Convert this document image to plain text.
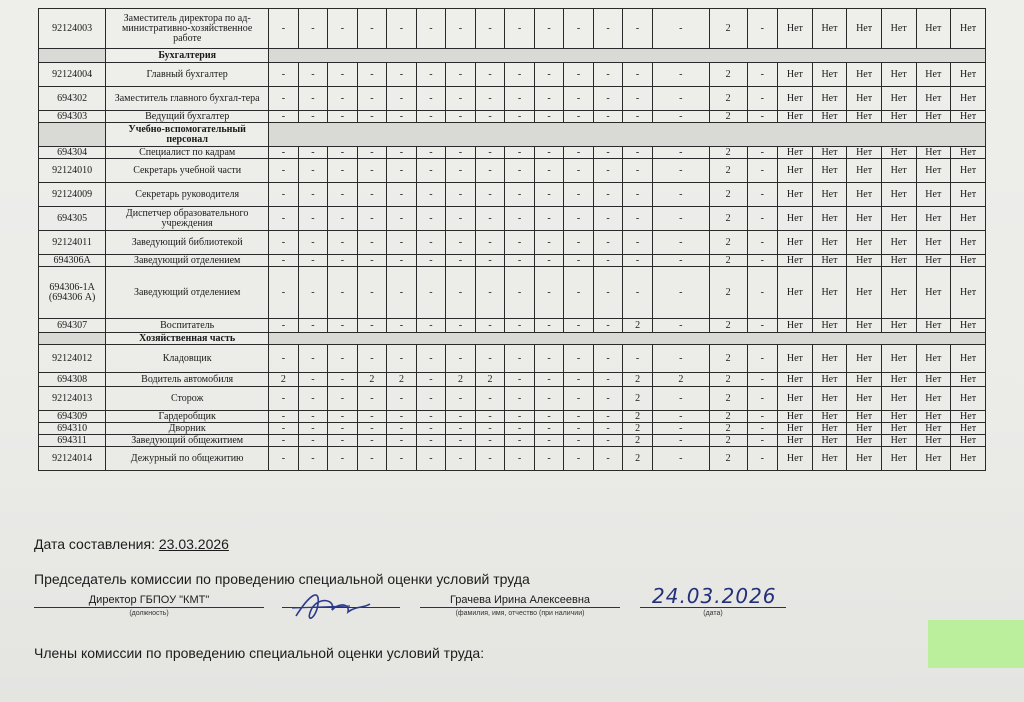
92124003	Заместитель директора по ад-министративно-хозяйственное работе	-	-	-	-	-	-	-	-	-	-	-	-	-	-	2	-	Нет	Нет	Нет	Нет	Нет	Нет
	Бухгалтерия																						
92124004	Главный бухгалтер	-	-	-	-	-	-	-	-	-	-	-	-	-	-	2	-	Нет	Нет	Нет	Нет	Нет	Нет
694302	Заместитель главного бухгал-тера	-	-	-	-	-	-	-	-	-	-	-	-	-	-	2	-	Нет	Нет	Нет	Нет	Нет	Нет
694303	Ведущий бухгалтер	-	-	-	-	-	-	-	-	-	-	-	-	-	-	2	-	Нет	Нет	Нет	Нет	Нет	Нет
	Учебно-вспомогательный персонал																						
694304	Специалист по кадрам	-	-	-	-	-	-	-	-	-	-	-	-	-	-	2	-	Нет	Нет	Нет	Нет	Нет	Нет
92124010	Секретарь учебной части	-	-	-	-	-	-	-	-	-	-	-	-	-	-	2	-	Нет	Нет	Нет	Нет	Нет	Нет
92124009	Секретарь руководителя	-	-	-	-	-	-	-	-	-	-	-	-	-	-	2	-	Нет	Нет	Нет	Нет	Нет	Нет
694305	Диспетчер образовательного учреждения	-	-	-	-	-	-	-	-	-	-	-	-	-	-	2	-	Нет	Нет	Нет	Нет	Нет	Нет
92124011	Заведующий библиотекой	-	-	-	-	-	-	-	-	-	-	-	-	-	-	2	-	Нет	Нет	Нет	Нет	Нет	Нет
694306А	Заведующий отделением	-	-	-	-	-	-	-	-	-	-	-	-	-	-	2	-	Нет	Нет	Нет	Нет	Нет	Нет
694306-1А (694306 А)	Заведующий отделением	-	-	-	-	-	-	-	-	-	-	-	-	-	-	2	-	Нет	Нет	Нет	Нет	Нет	Нет
694307	Воспитатель	-	-	-	-	-	-	-	-	-	-	-	-	2	-	2	-	Нет	Нет	Нет	Нет	Нет	Нет
	Хозяйственная часть																						
92124012	Кладовщик	-	-	-	-	-	-	-	-	-	-	-	-	-	-	2	-	Нет	Нет	Нет	Нет	Нет	Нет
694308	Водитель автомобиля	2	-	-	2	2	-	2	2	-	-	-	-	2	2	2	-	Нет	Нет	Нет	Нет	Нет	Нет
92124013	Сторож	-	-	-	-	-	-	-	-	-	-	-	-	2	-	2	-	Нет	Нет	Нет	Нет	Нет	Нет
694309	Гардеробщик	-	-	-	-	-	-	-	-	-	-	-	-	2	-	2	-	Нет	Нет	Нет	Нет	Нет	Нет
694310	Дворник	-	-	-	-	-	-	-	-	-	-	-	-	2	-	2	-	Нет	Нет	Нет	Нет	Нет	Нет
694311	Заведующий общежитием	-	-	-	-	-	-	-	-	-	-	-	-	2	-	2	-	Нет	Нет	Нет	Нет	Нет	Нет
92124014	Дежурный по общежитию	-	-	-	-	-	-	-	-	-	-	-	-	2	-	2	-	Нет	Нет	Нет	Нет	Нет	Нет
Дата составления: 23.03.2026
Председатель комиссии по проведению специальной оценки условий труда
Директор ГБПОУ "КМТ"
(должность)
Грачева Ирина Алексеевна
(фамилия, имя, отчество (при наличии)
24.03.2026
(дата)
Члены комиссии по проведению специальной оценки условий труда:
